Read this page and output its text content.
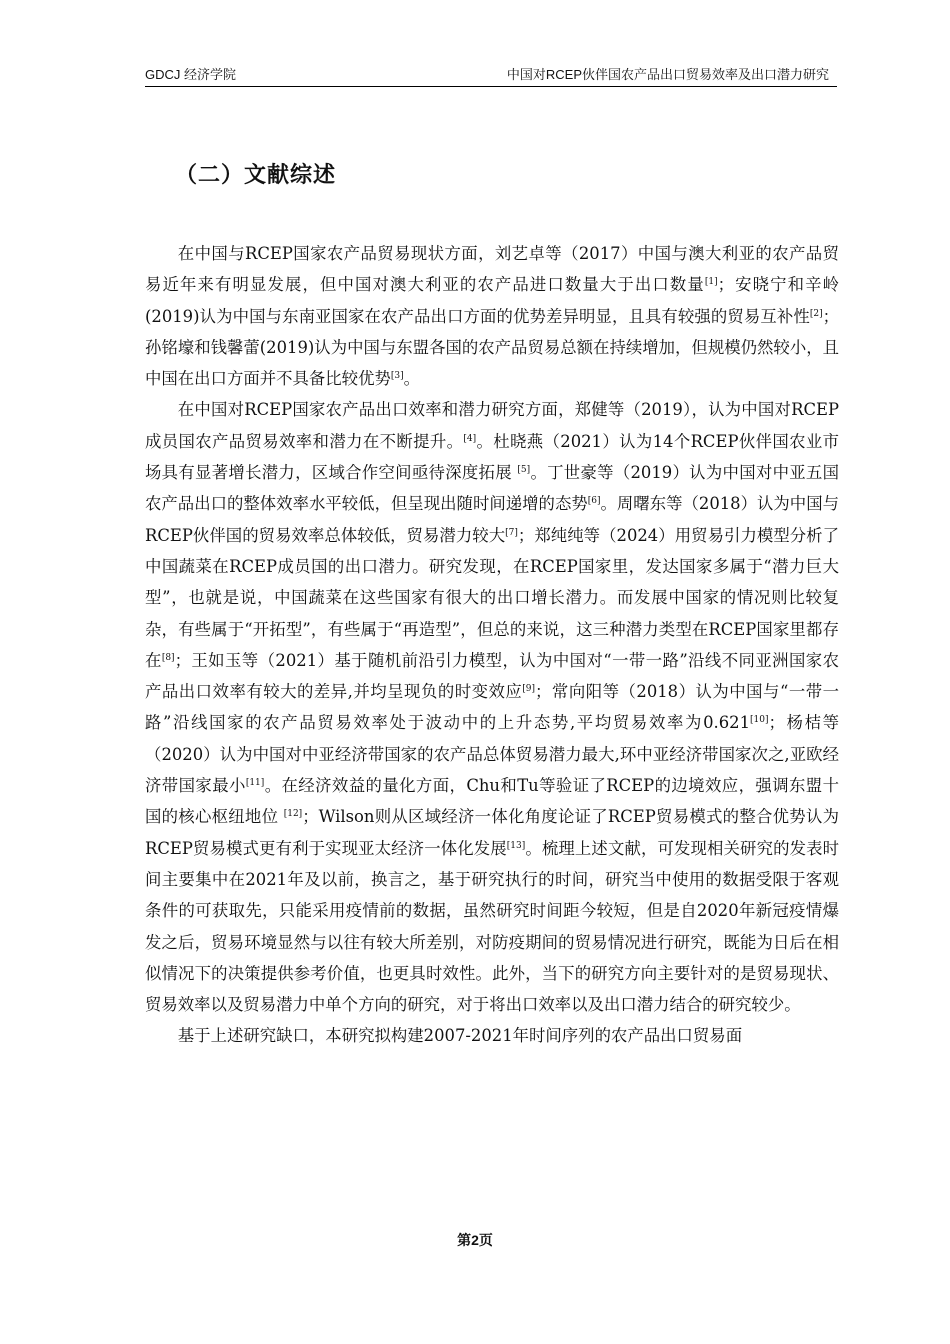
GDCJ 经济学院	中国对RCEP伙伴国农产品出口贸易效率及出口潜力研究
（二）文献综述

在中国与RCEP国家农产品贸易现状方面，刘艺卓等（2017）中国与澳大利亚的农产品贸易近年来有明显发展，但中国对澳大利亚的农产品进口数量大于出口数量[1]；安晓宁和辛岭(2019)认为中国与东南亚国家在农产品出口方面的优势差异明显，且具有较强的贸易互补性[2]；孙铭壕和钱馨蕾(2019)认为中国与东盟各国的农产品贸易总额在持续增加，但规模仍然较小，且中国在出口方面并不具备比较优势[3]。

在中国对RCEP国家农产品出口效率和潜力研究方面，郑健等（2019），认为中国对RCEP成员国农产品贸易效率和潜力在不断提升。[4]。杜晓燕（2021）认为14个RCEP伙伴国农业市场具有显著增长潜力，区域合作空间亟待深度拓展 [5]。丁世豪等（2019）认为中国对中亚五国农产品出口的整体效率水平较低，但呈现出随时间递增的态势[6]。周曙东等（2018）认为中国与RCEP伙伴国的贸易效率总体较低，贸易潜力较大[7]；郑纯纯等（2024）用贸易引力模型分析了中国蔬菜在RCEP成员国的出口潜力。研究发现，在RCEP国家里，发达国家多属于“潜力巨大型”，也就是说，中国蔬菜在这些国家有很大的出口增长潜力。而发展中国家的情况则比较复杂，有些属于“开拓型”，有些属于“再造型”，但总的来说，这三种潜力类型在RCEP国家里都存在[8]；王如玉等（2021）基于随机前沿引力模型，认为中国对“一带一路”沿线不同亚洲国家农产品出口效率有较大的差异,并均呈现负的时变效应[9]；常向阳等（2018）认为中国与“一带一路”沿线国家的农产品贸易效率处于波动中的上升态势,平均贸易效率为0.621[10]；杨桔等（2020）认为中国对中亚经济带国家的农产品总体贸易潜力最大,环中亚经济带国家次之,亚欧经济带国家最小[11]。在经济效益的量化方面，Chu和Tu等验证了RCEP的边境效应，强调东盟十国的核心枢纽地位 [12]；Wilson则从区域经济一体化角度论证了RCEP贸易模式的整合优势认为RCEP贸易模式更有利于实现亚太经济一体化发展[13]。梳理上述文献，可发现相关研究的发表时间主要集中在2021年及以前，换言之，基于研究执行的时间，研究当中使用的数据受限于客观条件的可获取先，只能采用疫情前的数据，虽然研究时间距今较短，但是自2020年新冠疫情爆发之后，贸易环境显然与以往有较大所差别，对防疫期间的贸易情况进行研究，既能为日后在相似情况下的决策提供参考价值，也更具时效性。此外，当下的研究方向主要针对的是贸易现状、贸易效率以及贸易潜力中单个方向的研究，对于将出口效率以及出口潜力结合的研究较少。

基于上述研究缺口，本研究拟构建2007-2021年时间序列的农产品出口贸易面

第2页
